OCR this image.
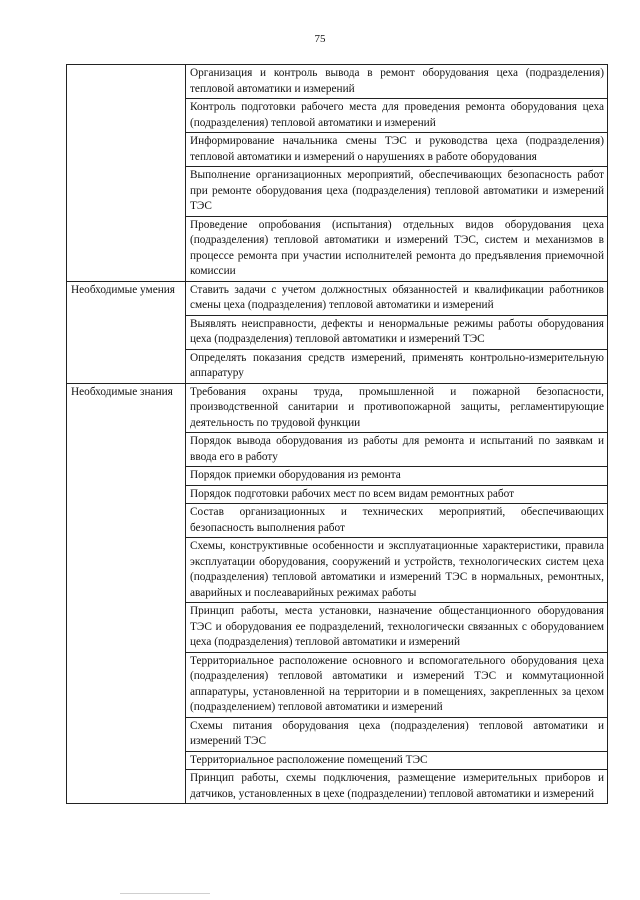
75
	Организация и контроль вывода в ремонт оборудования цеха (подразделения) тепловой автоматики и измерений
	Контроль подготовки рабочего места для проведения ремонта оборудования цеха (подразделения) тепловой автоматики и измерений
	Информирование начальника смены ТЭС и руководства цеха (подразделения) тепловой автоматики и измерений о нарушениях в работе оборудования
	Выполнение организационных мероприятий, обеспечивающих безопасность работ при ремонте оборудования цеха (подразделения) тепловой автоматики и измерений ТЭС
	Проведение опробования (испытания) отдельных видов оборудования цеха (подразделения) тепловой автоматики и измерений ТЭС, систем и механизмов в процессе ремонта при участии исполнителей ремонта до предъявления приемочной комиссии
Необходимые умения	Ставить задачи с учетом должностных обязанностей и квалификации работников смены цеха (подразделения) тепловой автоматики и измерений
	Выявлять неисправности, дефекты и ненормальные режимы работы оборудования цеха (подразделения) тепловой автоматики и измерений ТЭС
	Определять показания средств измерений, применять контрольно-измерительную аппаратуру
Необходимые знания	Требования охраны труда, промышленной и пожарной безопасности, производственной санитарии и противопожарной защиты, регламентирующие деятельность по трудовой функции
	Порядок вывода оборудования из работы для ремонта и испытаний по заявкам и ввода его в работу
	Порядок приемки оборудования из ремонта
	Порядок подготовки рабочих мест по всем видам ремонтных работ
	Состав организационных и технических мероприятий, обеспечивающих безопасность выполнения работ
	Схемы, конструктивные особенности и эксплуатационные характеристики, правила эксплуатации оборудования, сооружений и устройств, технологических систем цеха (подразделения) тепловой автоматики и измерений ТЭС в нормальных, ремонтных, аварийных и послеаварийных режимах работы
	Принцип работы, места установки, назначение общестанционного оборудования ТЭС и оборудования ее подразделений, технологически связанных с оборудованием цеха (подразделения) тепловой автоматики и измерений
	Территориальное расположение основного и вспомогательного оборудования цеха (подразделения) тепловой автоматики и измерений ТЭС и коммутационной аппаратуры, установленной на территории и в помещениях, закрепленных за цехом (подразделением) тепловой автоматики и измерений
	Схемы питания оборудования цеха (подразделения) тепловой автоматики и измерений ТЭС
	Территориальное расположение помещений ТЭС
	Принцип работы, схемы подключения, размещение измерительных приборов и датчиков, установленных в цехе (подразделении) тепловой автоматики и измерений
